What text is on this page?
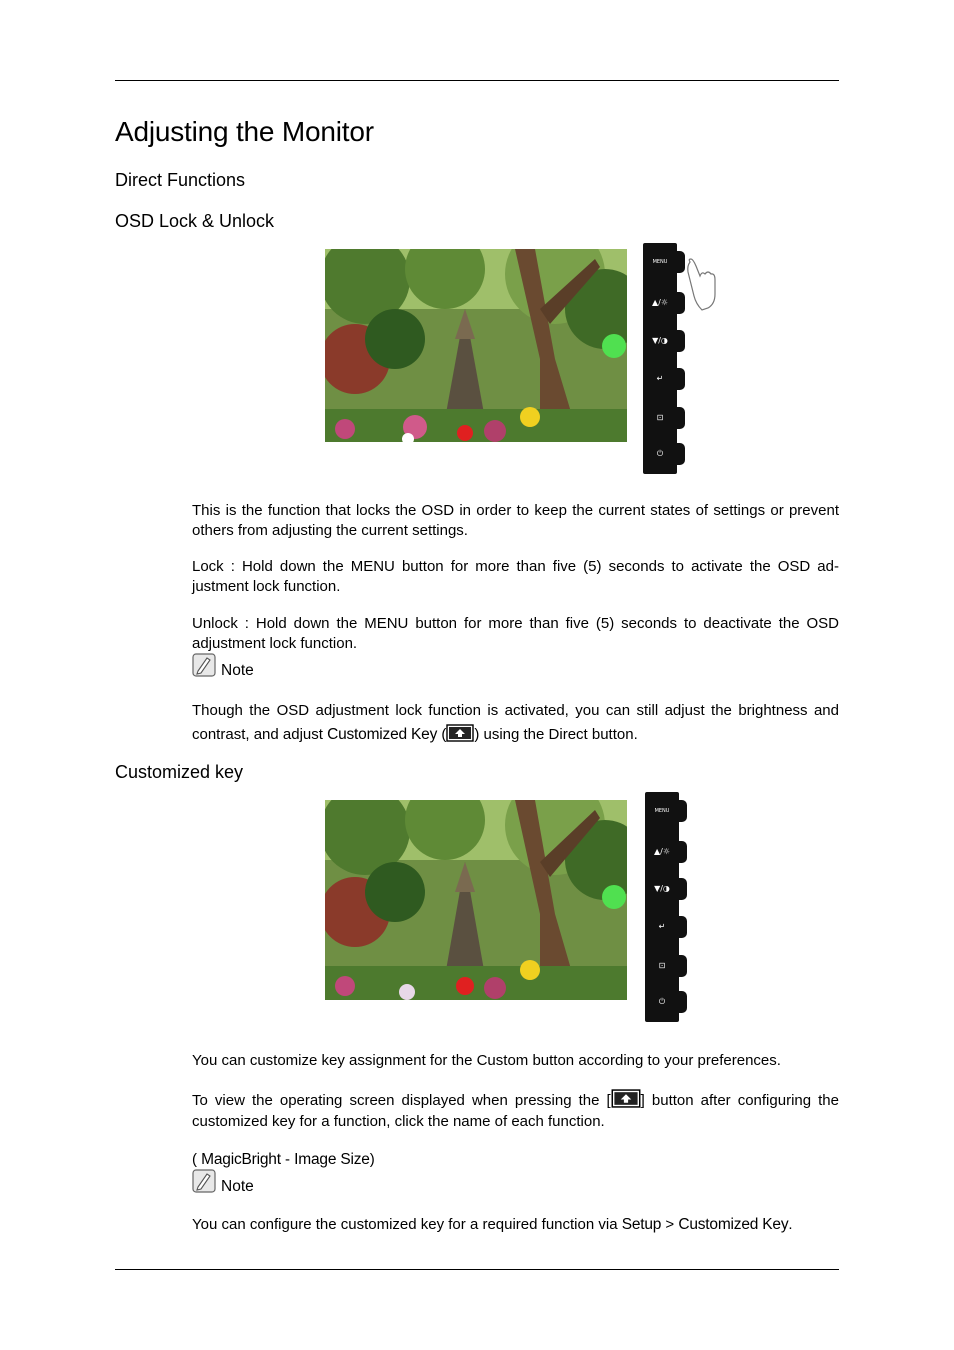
Adjusting the Monitor
Direct Functions
OSD Lock & Unlock
MENU
▲/☼
▼/◑
↵
⊡
⏻
This is the function that locks the OSD in order to keep the current states of settings or prevent others from adjusting the current settings.
Lock : Hold down the MENU button for more than five (5) seconds to activate the OSD ad-justment lock function.
Unlock : Hold down the MENU button for more than five (5) seconds to deactivate the OSD adjustment lock function.
Note
Though the OSD adjustment lock function is activated, you can still adjust the brightness and contrast, and adjust Customized Key ( ) using the Direct button.
Customized key
MENU
▲/☼
▼/◑
↵
⊡
⏻
You can customize key assignment for the Custom button according to your preferences.
To view the operating screen displayed when pressing the [ ] button after configuring the customized key for a function, click the name of each function.
( MagicBright - Image Size)
Note
You can configure the customized key for a required function via Setup > Customized Key.
